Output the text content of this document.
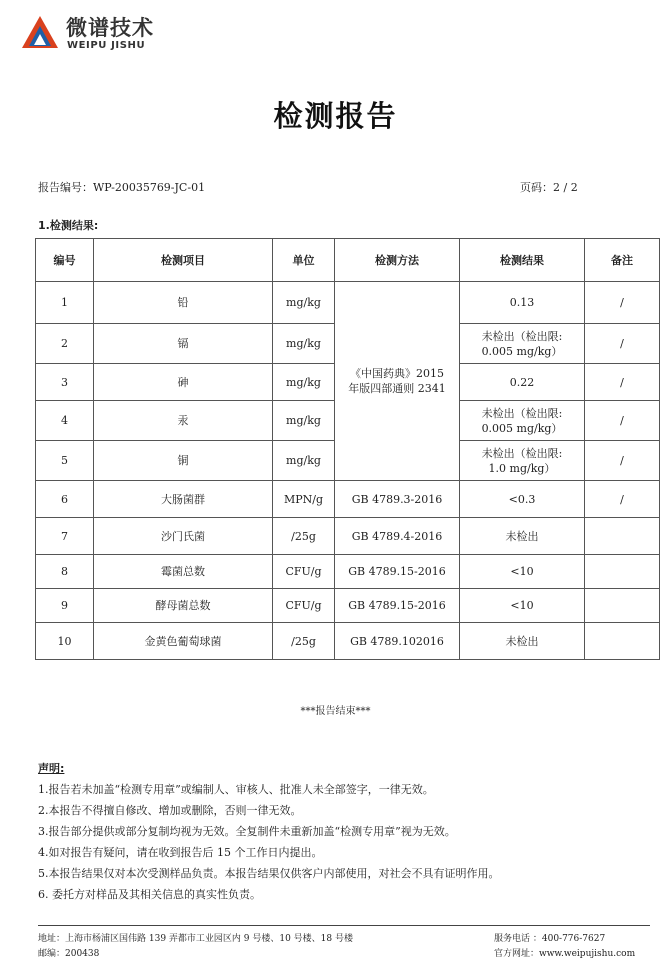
微谱技术
WEIPU JISHU
检测报告
报告编号：WP-20035769-JC-01	页码：2 / 2
1.检测结果:
编号	检测项目	单位	检测方法	检测结果	备注
1	铅	mg/kg	《中国药典》2015
年版四部通则 2341	0.13	/
2	镉	mg/kg		未检出（检出限:
0.005 mg/kg）	/
3	砷	mg/kg		0.22	/
4	汞	mg/kg		未检出（检出限:
0.005 mg/kg）	/
5	铜	mg/kg		未检出（检出限:
1.0 mg/kg）	/
6	大肠菌群	MPN/g	GB 4789.3-2016	<0.3	/
7	沙门氏菌	/25g	GB 4789.4-2016	未检出	

8	霉菌总数	CFU/g	GB 4789.15-2016	<10	

9	酵母菌总数	CFU/g	GB 4789.15-2016	<10	

10	金黄色葡萄球菌	/25g	GB 4789.102016	未检出	

***报告结束***
声明:
1.报告若未加盖“检测专用章”或编制人、审核人、批准人未全部签字，一律无效。
2.本报告不得擅自修改、增加或删除，否则一律无效。
3.报告部分提供或部分复制均视为无效。全复制件未重新加盖“检测专用章”视为无效。
4.如对报告有疑问，请在收到报告后 15 个工作日内提出。
5.本报告结果仅对本次受测样品负责。本报告结果仅供客户内部使用，对社会不具有证明作用。
6. 委托方对样品及其相关信息的真实性负责。
地址：上海市杨浦区国伟路 139 弄都市工业园区内 9 号楼、10 号楼、18 号楼
邮编：200438
服务电话 ：400-776-7627
官方网址：www.weipujishu.com
